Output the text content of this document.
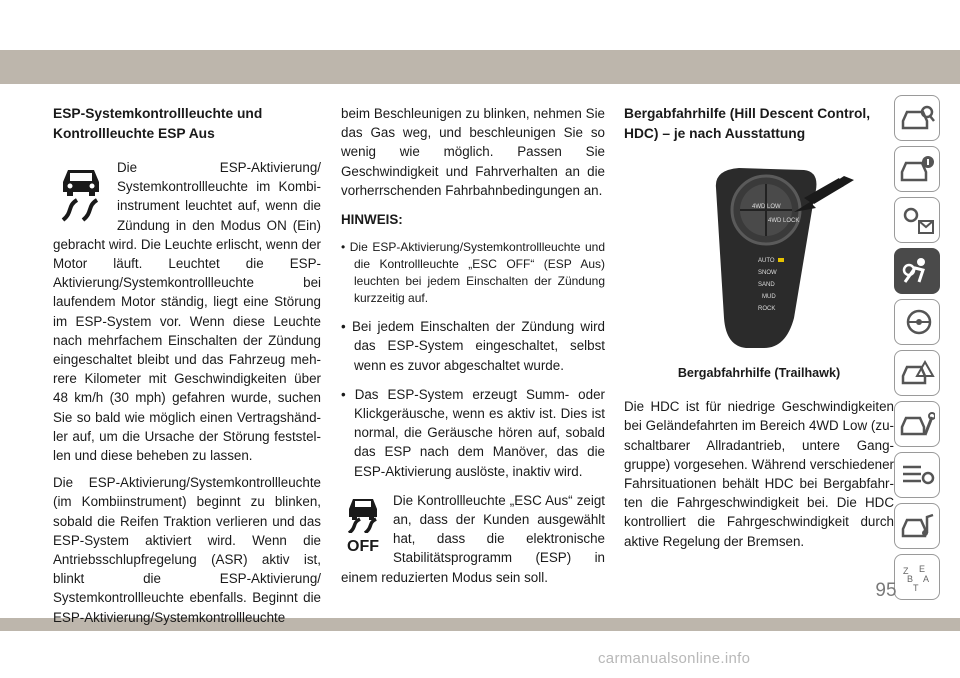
ESP-Systemkontrollleuchte und Kontrollleuchte ESP Aus

Die ESP-Aktivierung/ Systemkontrollleuchte im Kombiinstrument leuchtet auf, wenn die Zündung in den Modus ON (Ein) gebracht wird. Die Leuchte erlischt, wenn der Motor läuft. Leuchtet die ESP-Aktivierung/Systemkontrollleuchte bei laufendem Motor ständig, liegt eine Störung im ESP-System vor. Wenn diese Leuchte nach mehrfachem Einschalten der Zündung eingeschaltet bleibt und das Fahrzeug mehrere Kilometer mit Geschwindigkeiten über 48 km/h (30 mph) gefahren wurde, suchen Sie so bald wie möglich einen Vertragshändler auf, um die Ursache der Störung feststellen und diese beheben zu lassen.

Die ESP-Aktivierung/Systemkontrollleuchte (im Kombiinstrument) beginnt zu blinken, sobald die Reifen Traktion verlieren und das ESP-System aktiviert wird. Wenn die Antriebsschlupfregelung (ASR) aktiv ist, blinkt die ESP-Aktivierung/ Systemkontrollleuchte ebenfalls. Beginnt die ESP-Aktivierung/Systemkontrollleuchte

beim Beschleunigen zu blinken, nehmen Sie das Gas weg, und beschleunigen Sie so wenig wie möglich. Passen Sie Geschwindigkeit und Fahrverhalten an die vorherrschenden Fahrbahnbedingungen an.

HINWEIS:
• Die ESP-Aktivierung/Systemkontrollleuchte und die Kontrollleuchte „ESC OFF“ (ESP Aus) leuchten bei jedem Einschalten der Zündung kurzzeitig auf.
• Bei jedem Einschalten der Zündung wird das ESP-System eingeschaltet, selbst wenn es zuvor abgeschaltet wurde.
• Das ESP-System erzeugt Summ- oder Klickgeräusche, wenn es aktiv ist. Dies ist normal, die Geräusche hören auf, sobald das ESP nach dem Manöver, das die ESP-Aktivierung auslöste, inaktiv wird.
OFF

Die Kontrollleuchte „ESC Aus“ zeigt an, dass der Kunden ausgewählt hat, dass die elektronische Stabilitätsprogramm (ESP) in einem reduzierten Modus sein soll.

Bergabfahrhilfe (Hill Descent Control, HDC) – je nach Ausstattung
4WD LOW
4WD LOCK
AUTO
SNOW
SAND
MUD
ROCK
Bergabfahrhilfe (Trailhawk)

Die HDC ist für niedrige Geschwindigkeiten bei Geländefahrten im Bereich 4WD Low (zuschaltbarer Allradantrieb, untere Ganggruppe) vorgesehen. Während verschiedener Fahrsituationen behält HDC bei Bergabfahrten die Fahrgeschwindigkeit bei. Die HDC kontrolliert die Fahrgeschwindigkeit durch aktive Regelung der Bremsen.

Z E
B A
T
95
carmanualsonline.info
